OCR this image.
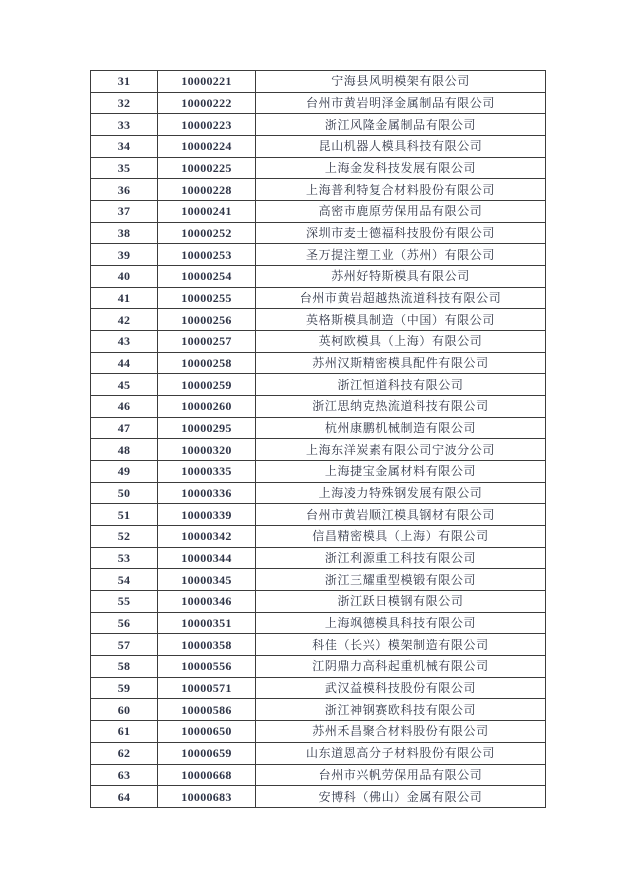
31	10000221	宁海县风明模架有限公司
32	10000222	台州市黄岩明泽金属制品有限公司
33	10000223	浙江风隆金属制品有限公司
34	10000224	昆山机器人模具科技有限公司
35	10000225	上海金发科技发展有限公司
36	10000228	上海普利特复合材料股份有限公司
37	10000241	高密市鹿原劳保用品有限公司
38	10000252	深圳市麦士德福科技股份有限公司
39	10000253	圣万提注塑工业（苏州）有限公司
40	10000254	苏州好特斯模具有限公司
41	10000255	台州市黄岩超越热流道科技有限公司
42	10000256	英格斯模具制造（中国）有限公司
43	10000257	英柯欧模具（上海）有限公司
44	10000258	苏州汉斯精密模具配件有限公司
45	10000259	浙江恒道科技有限公司
46	10000260	浙江思纳克热流道科技有限公司
47	10000295	杭州康鹏机械制造有限公司
48	10000320	上海东洋炭素有限公司宁波分公司
49	10000335	上海捷宝金属材料有限公司
50	10000336	上海凌力特殊钢发展有限公司
51	10000339	台州市黄岩顺江模具钢材有限公司
52	10000342	信昌精密模具（上海）有限公司
53	10000344	浙江利源重工科技有限公司
54	10000345	浙江三耀重型模锻有限公司
55	10000346	浙江跃日模钢有限公司
56	10000351	上海飒德模具科技有限公司
57	10000358	科佳（长兴）模架制造有限公司
58	10000556	江阴鼎力高科起重机械有限公司
59	10000571	武汉益模科技股份有限公司
60	10000586	浙江神钢赛欧科技有限公司
61	10000650	苏州禾昌聚合材料股份有限公司
62	10000659	山东道恩高分子材料股份有限公司
63	10000668	台州市兴帆劳保用品有限公司
64	10000683	安博科（佛山）金属有限公司
